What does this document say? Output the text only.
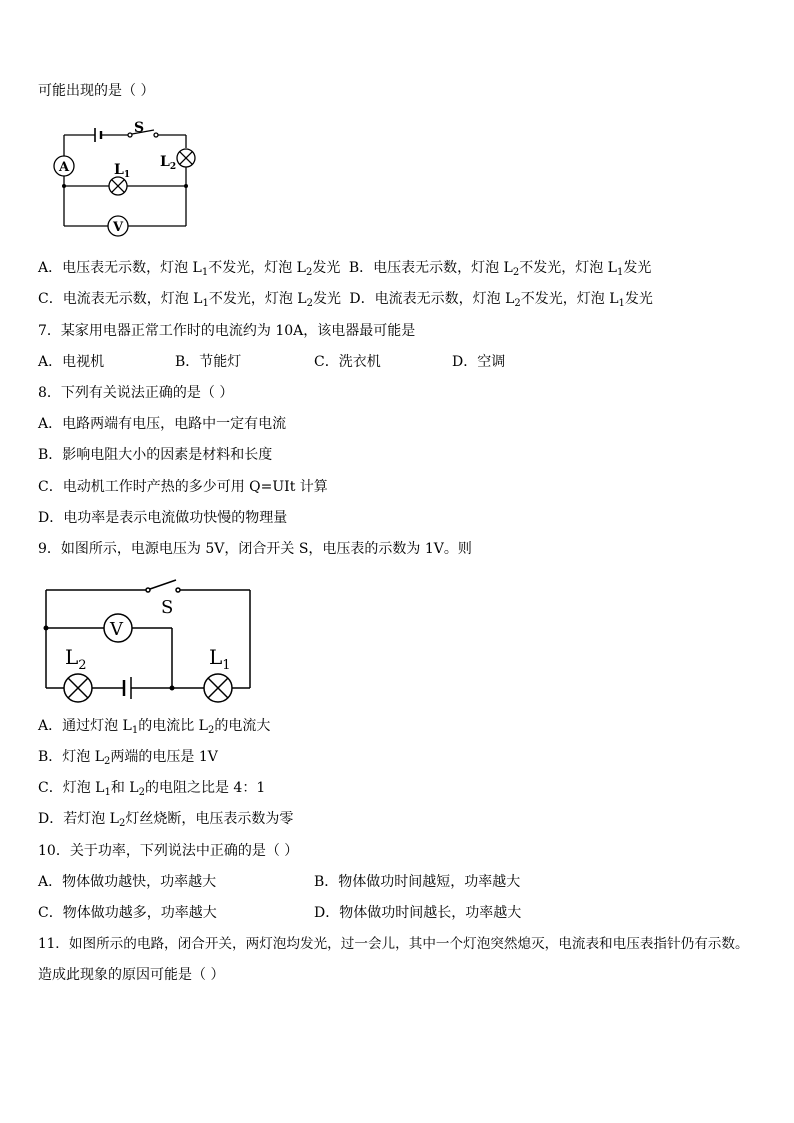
可能出现的是（ ）
S
A
V
$L_1$
$L_2$
A．电压表无示数，灯泡 $L_1$不发光，灯泡 $L_2$发光 B．电压表无示数，灯泡 $L_2$不发光，灯泡 $L_1$发光
C．电流表无示数，灯泡 $L_1$不发光，灯泡 $L_2$发光 D．电流表无示数，灯泡 $L_2$不发光，灯泡 $L_1$发光
7．某家用电器正常工作时的电流约为 10A，该电器最可能是
A．电视机	B．节能灯	C．洗衣机	D．空调
8．下列有关说法正确的是（ ）
A．电路两端有电压，电路中一定有电流
B．影响电阻大小的因素是材料和长度
C．电动机工作时产热的多少可用 Q=UIt 计算
D．电功率是表示电流做功快慢的物理量
9．如图所示，电源电压为 5V，闭合开关 S，电压表的示数为 1V。则
S
V
$L_2$	$L_1$
A．通过灯泡 $L_1$的电流比 $L_2$的电流大
B．灯泡 $L_2$两端的电压是 1V
C．灯泡 $L_1$和 $L_2$的电阻之比是 4：1
D．若灯泡 $L_2$灯丝烧断，电压表示数为零
10．关于功率，下列说法中正确的是（ ）
A．物体做功越快，功率越大	B．物体做功时间越短，功率越大
C．物体做功越多，功率越大	D．物体做功时间越长，功率越大
11．如图所示的电路，闭合开关，两灯泡均发光，过一会儿，其中一个灯泡突然熄灭，电流表和电压表指针仍有示数。
造成此现象的原因可能是（ ）
